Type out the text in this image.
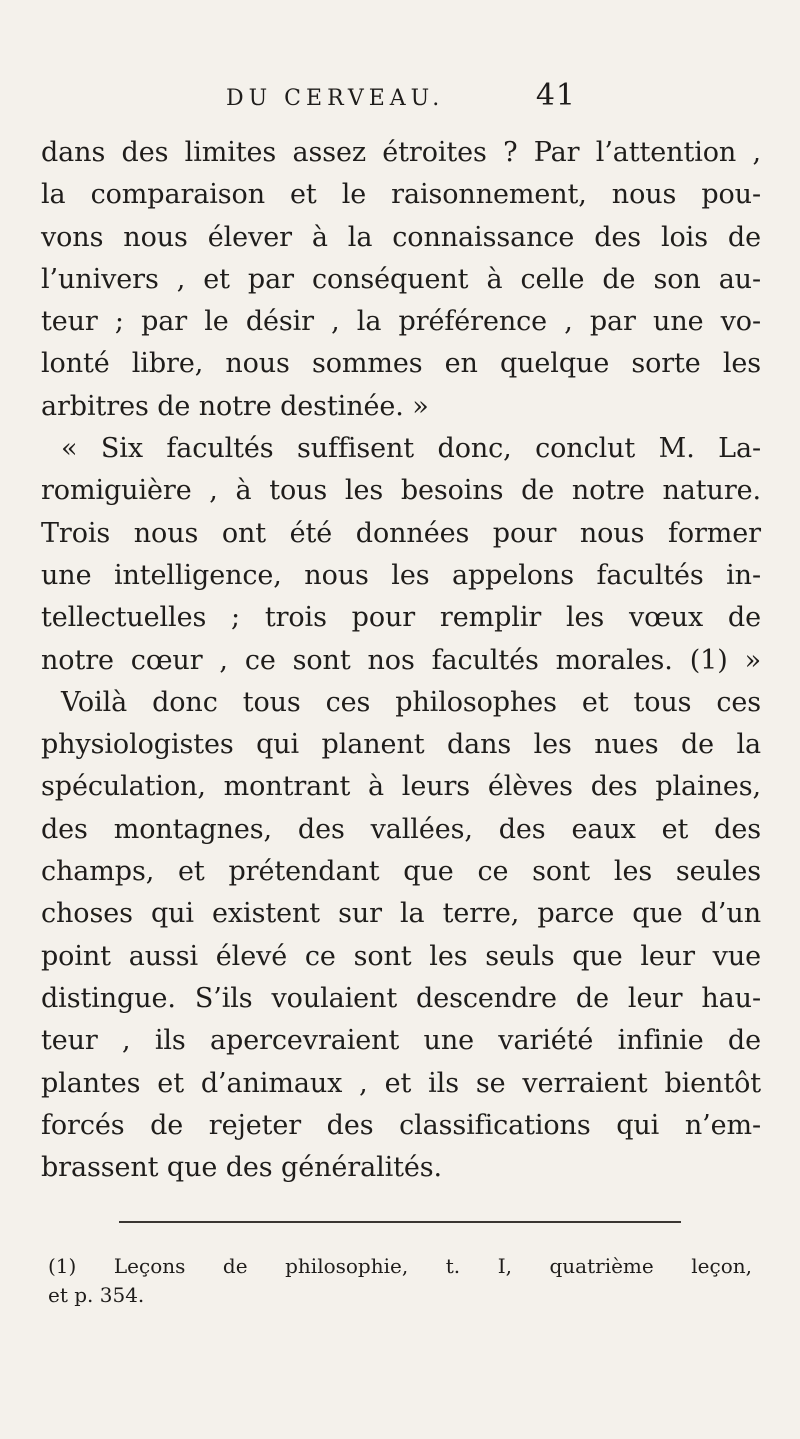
DU CERVEAU.	41
dans des limites assez étroites ? Par l’attention ,
la comparaison et le raisonnement, nous pou-
vons nous élever à la connaissance des lois de
l’univers , et par conséquent à celle de son au-
teur ; par le désir , la préférence , par une vo-
lonté libre, nous sommes en quelque sorte les
arbitres de notre destinée. »
« Six facultés suffisent donc, conclut M. La-
romiguière , à tous les besoins de notre nature.
Trois nous ont été données pour nous former
une intelligence, nous les appelons facultés in-
tellectuelles ; trois pour remplir les vœux de
notre cœur , ce sont nos facultés morales. (1) »
Voilà donc tous ces philosophes et tous ces
physiologistes qui planent dans les nues de la
spéculation, montrant à leurs élèves des plaines,
des montagnes, des vallées, des eaux et des
champs, et prétendant que ce sont les seules
choses qui existent sur la terre, parce que d’un
point aussi élevé ce sont les seuls que leur vue
distingue. S’ils voulaient descendre de leur hau-
teur , ils apercevraient une variété infinie de
plantes et d’animaux , et ils se verraient bientôt
forcés de rejeter des classifications qui n’em-
brassent que des généralités.
(1) Leçons de philosophie, t. I, quatrième leçon,
et p. 354.
